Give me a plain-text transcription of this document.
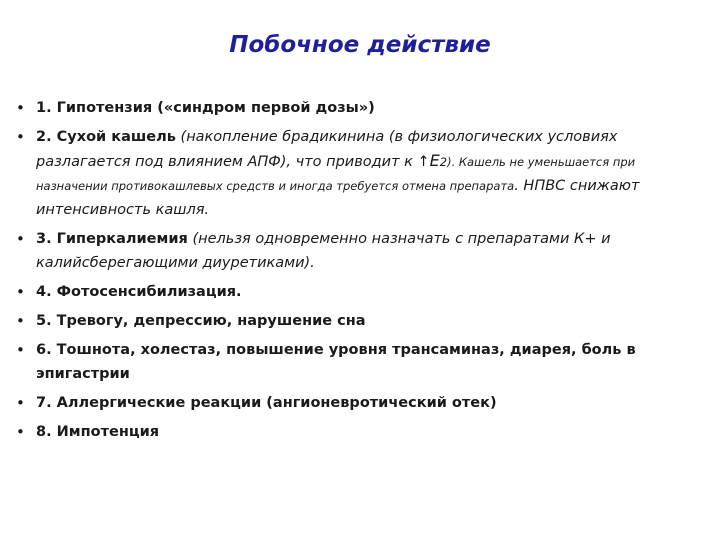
Побочное действие
• 1. Гипотензия («синдром первой дозы»)
• 2. Сухой кашель (накопление брадикинина (в физиологических условиях разлагается под влиянием АПФ), что приводит к ↑Е2). Кашель не уменьшается при назначении противокашлевых средств и иногда требуется отмена препарата. НПВС снижают интенсивность кашля.
• 3. Гиперкалиемия (нельзя одновременно назначать с препаратами К+ и калийсберегающими диуретиками).
• 4. Фотосенсибилизация.
• 5. Тревогу, депрессию, нарушение сна
• 6. Тошнота, холестаз, повышение уровня трансаминаз, диарея, боль в эпигастрии
• 7. Аллергические реакции (ангионевротический отек)
• 8. Импотенция
